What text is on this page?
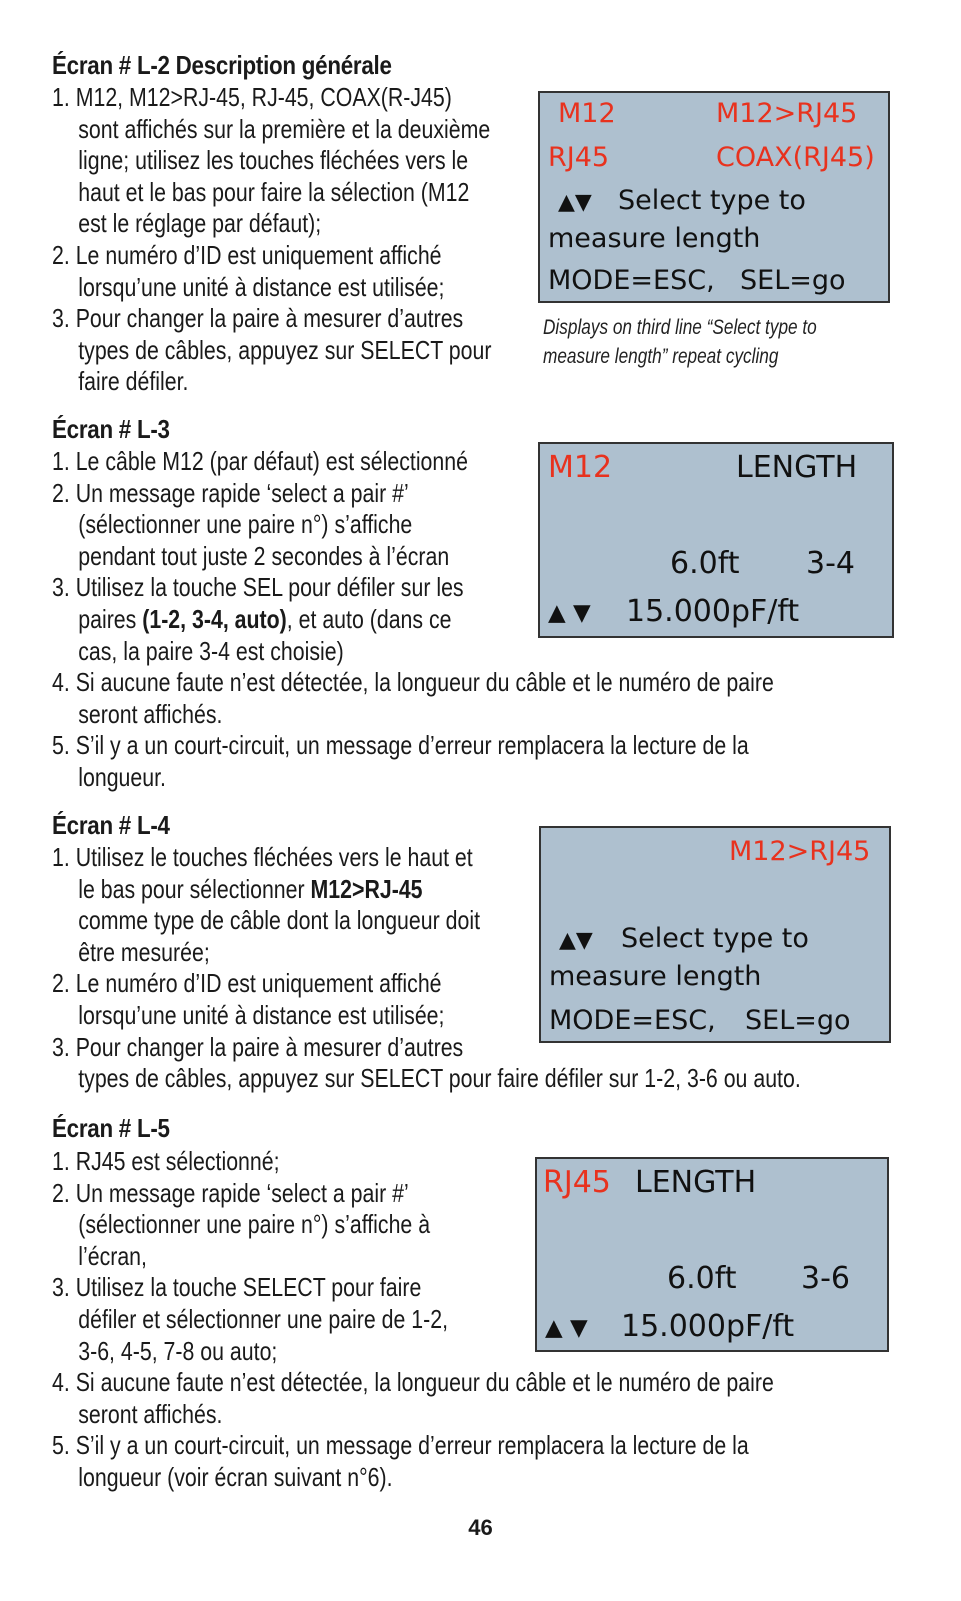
Écran # L-2 Description générale
1. M12, M12>RJ-45, RJ-45, COAX(R-J45)
sont affichés sur la première et la deuxième
ligne; utilisez les touches fléchées vers le
haut et le bas pour faire la sélection (M12
est le réglage par défaut);
2. Le numéro d’ID est uniquement affiché
lorsqu’une unité à distance est utilisée;
3. Pour changer la paire à mesurer d’autres
types de câbles, appuyez sur SELECT pour
faire défiler.
M12	M12>RJ45
RJ45	COAX(RJ45)
▲▼ Select type to
measure length
MODE=ESC, SEL=go
Displays on third line “Select type to
measure length” repeat cycling
Écran # L-3
1. Le câble M12 (par défaut) est sélectionné
2. Un message rapide ‘select a pair #’
(sélectionner une paire n°) s’affiche
pendant tout juste 2 secondes à l’écran
3. Utilisez la touche SEL pour défiler sur les
paires (1-2, 3-4, auto), et auto (dans ce
cas, la paire 3-4 est choisie)
4. Si aucune faute n’est détectée, la longueur du câble et le numéro de paire
seront affichés.
5. S’il y a un court-circuit, un message d’erreur remplacera la lecture de la
longueur.
M12	LENGTH
6.0ft 3-4
▲ ▼ 15.000pF/ft
Écran # L-4
1. Utilisez le touches fléchées vers le haut et
le bas pour sélectionner M12>RJ-45
comme type de câble dont la longueur doit
être mesurée;
2. Le numéro d’ID est uniquement affiché
lorsqu’une unité à distance est utilisée;
3. Pour changer la paire à mesurer d’autres
types de câbles, appuyez sur SELECT pour faire défiler sur 1-2, 3-6 ou auto.
M12>RJ45
▲▼ Select type to
measure length
MODE=ESC, SEL=go
Écran # L-5
1. RJ45 est sélectionné;
2. Un message rapide ‘select a pair #’
(sélectionner une paire n°) s’affiche à
l’écran,
3. Utilisez la touche SELECT pour faire
défiler et sélectionner une paire de 1-2,
3-6, 4-5, 7-8 ou auto;
4. Si aucune faute n’est détectée, la longueur du câble et le numéro de paire
seront affichés.
5. S’il y a un court-circuit, un message d’erreur remplacera la lecture de la
longueur (voir écran suivant n°6).
RJ45 LENGTH
6.0ft 3-6
▲ ▼ 15.000pF/ft
46
